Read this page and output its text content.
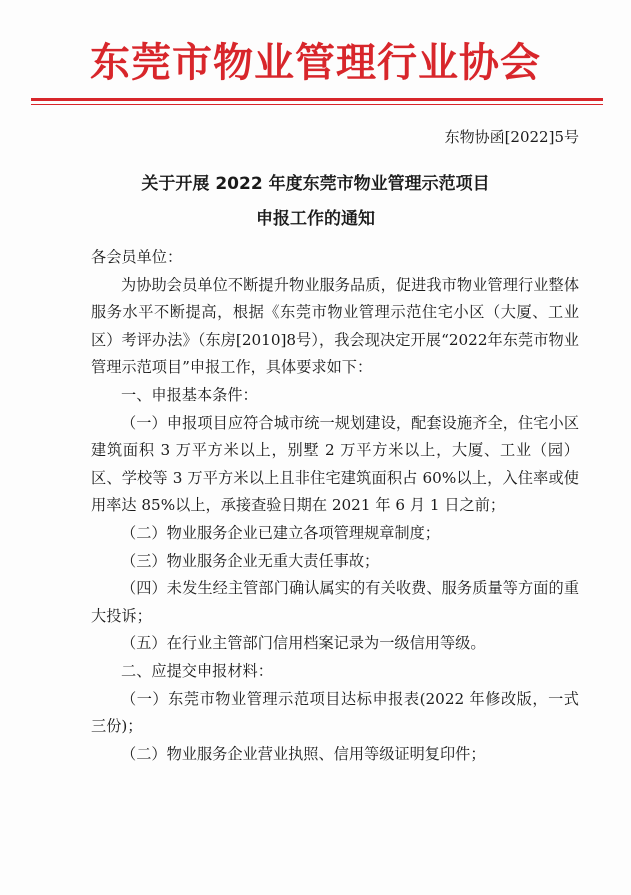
东莞市物业管理行业协会
东物协函[2022]5号
关于开展 2022 年度东莞市物业管理示范项目
申报工作的通知

各会员单位：

为协助会员单位不断提升物业服务品质，促进我市物业管理行业整体服务水平不断提高，根据《东莞市物业管理示范住宅小区（大厦、工业区）考评办法》（东房[2010]8号），我会现决定开展“2022年东莞市物业管理示范项目”申报工作，具体要求如下：

一、申报基本条件：

（一）申报项目应符合城市统一规划建设，配套设施齐全，住宅小区建筑面积 3 万平方米以上，别墅 2 万平方米以上，大厦、工业（园）区、学校等 3 万平方米以上且非住宅建筑面积占 60%以上，入住率或使用率达 85%以上，承接查验日期在 2021 年 6 月 1 日之前；

（二）物业服务企业已建立各项管理规章制度；

（三）物业服务企业无重大责任事故；

（四）未发生经主管部门确认属实的有关收费、服务质量等方面的重大投诉；

（五）在行业主管部门信用档案记录为一级信用等级。

二、应提交申报材料：

（一）东莞市物业管理示范项目达标申报表(2022 年修改版，一式三份)；

（二）物业服务企业营业执照、信用等级证明复印件；
